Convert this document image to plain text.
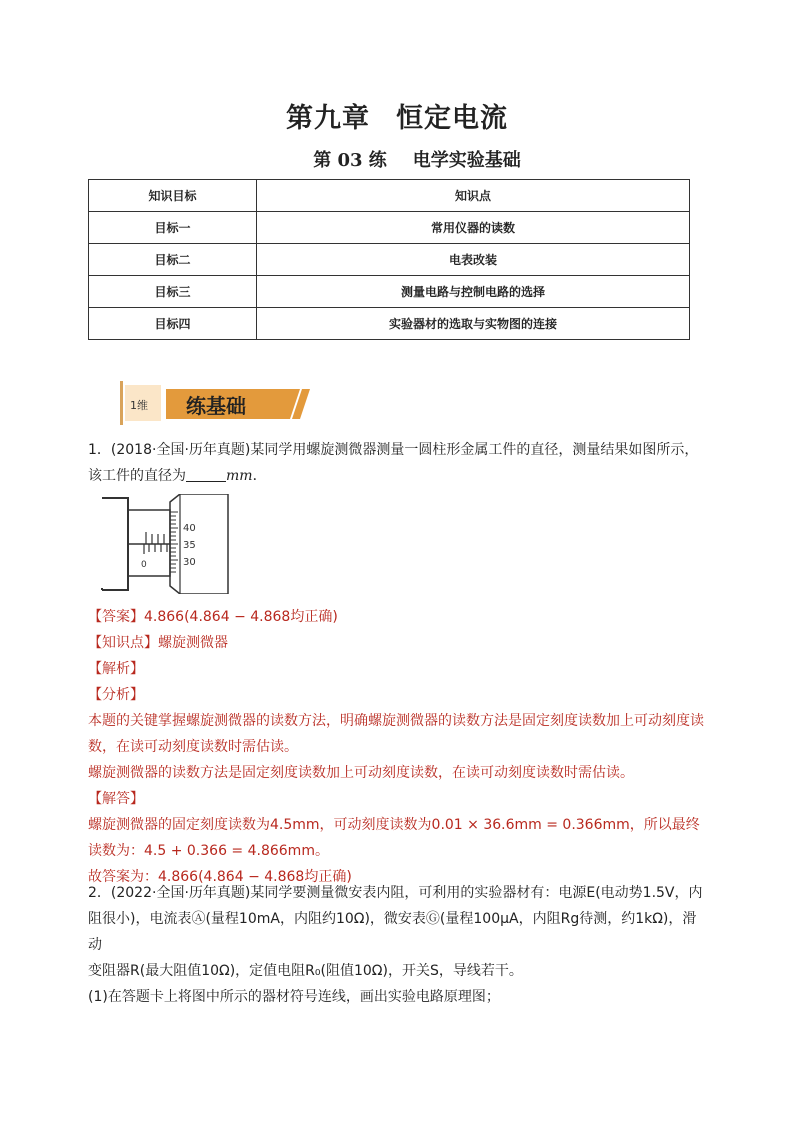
第九章 恒定电流
第 03 练 电学实验基础
知识目标	知识点
目标一	常用仪器的读数
目标二	电表改装
目标三	测量电路与控制电路的选择
目标四	实验器材的选取与实物图的连接
1维 练基础
1．(2018·全国·历年真题)某同学用螺旋测微器测量一圆柱形金属工件的直径，测量结果如图所示，
该工件的直径为	mm．
0
40
35
30
【答案】4.866(4.864 − 4.868均正确)
【知识点】螺旋测微器
【解析】
【分析】
本题的关键掌握螺旋测微器的读数方法，明确螺旋测微器的读数方法是固定刻度读数加上可动刻度读数，在读可动刻度读数时需估读。
螺旋测微器的读数方法是固定刻度读数加上可动刻度读数，在读可动刻度读数时需估读。
【解答】
螺旋测微器的固定刻度读数为4.5mm，可动刻度读数为0.01 × 36.6mm = 0.366mm，所以最终读数为：4.5 + 0.366 = 4.866mm。
故答案为：4.866(4.864 − 4.868均正确)
2．(2022·全国·历年真题)某同学要测量微安表内阻，可利用的实验器材有：电源E(电动势1.5V，内
阻很小)，电流表Ⓐ(量程10mA，内阻约10Ω)，微安表Ⓖ(量程100μA，内阻Rg待测，约1kΩ)，滑动
变阻器R(最大阻值10Ω)，定值电阻R₀(阻值10Ω)，开关S，导线若干。
(1)在答题卡上将图中所示的器材符号连线，画出实验电路原理图；
